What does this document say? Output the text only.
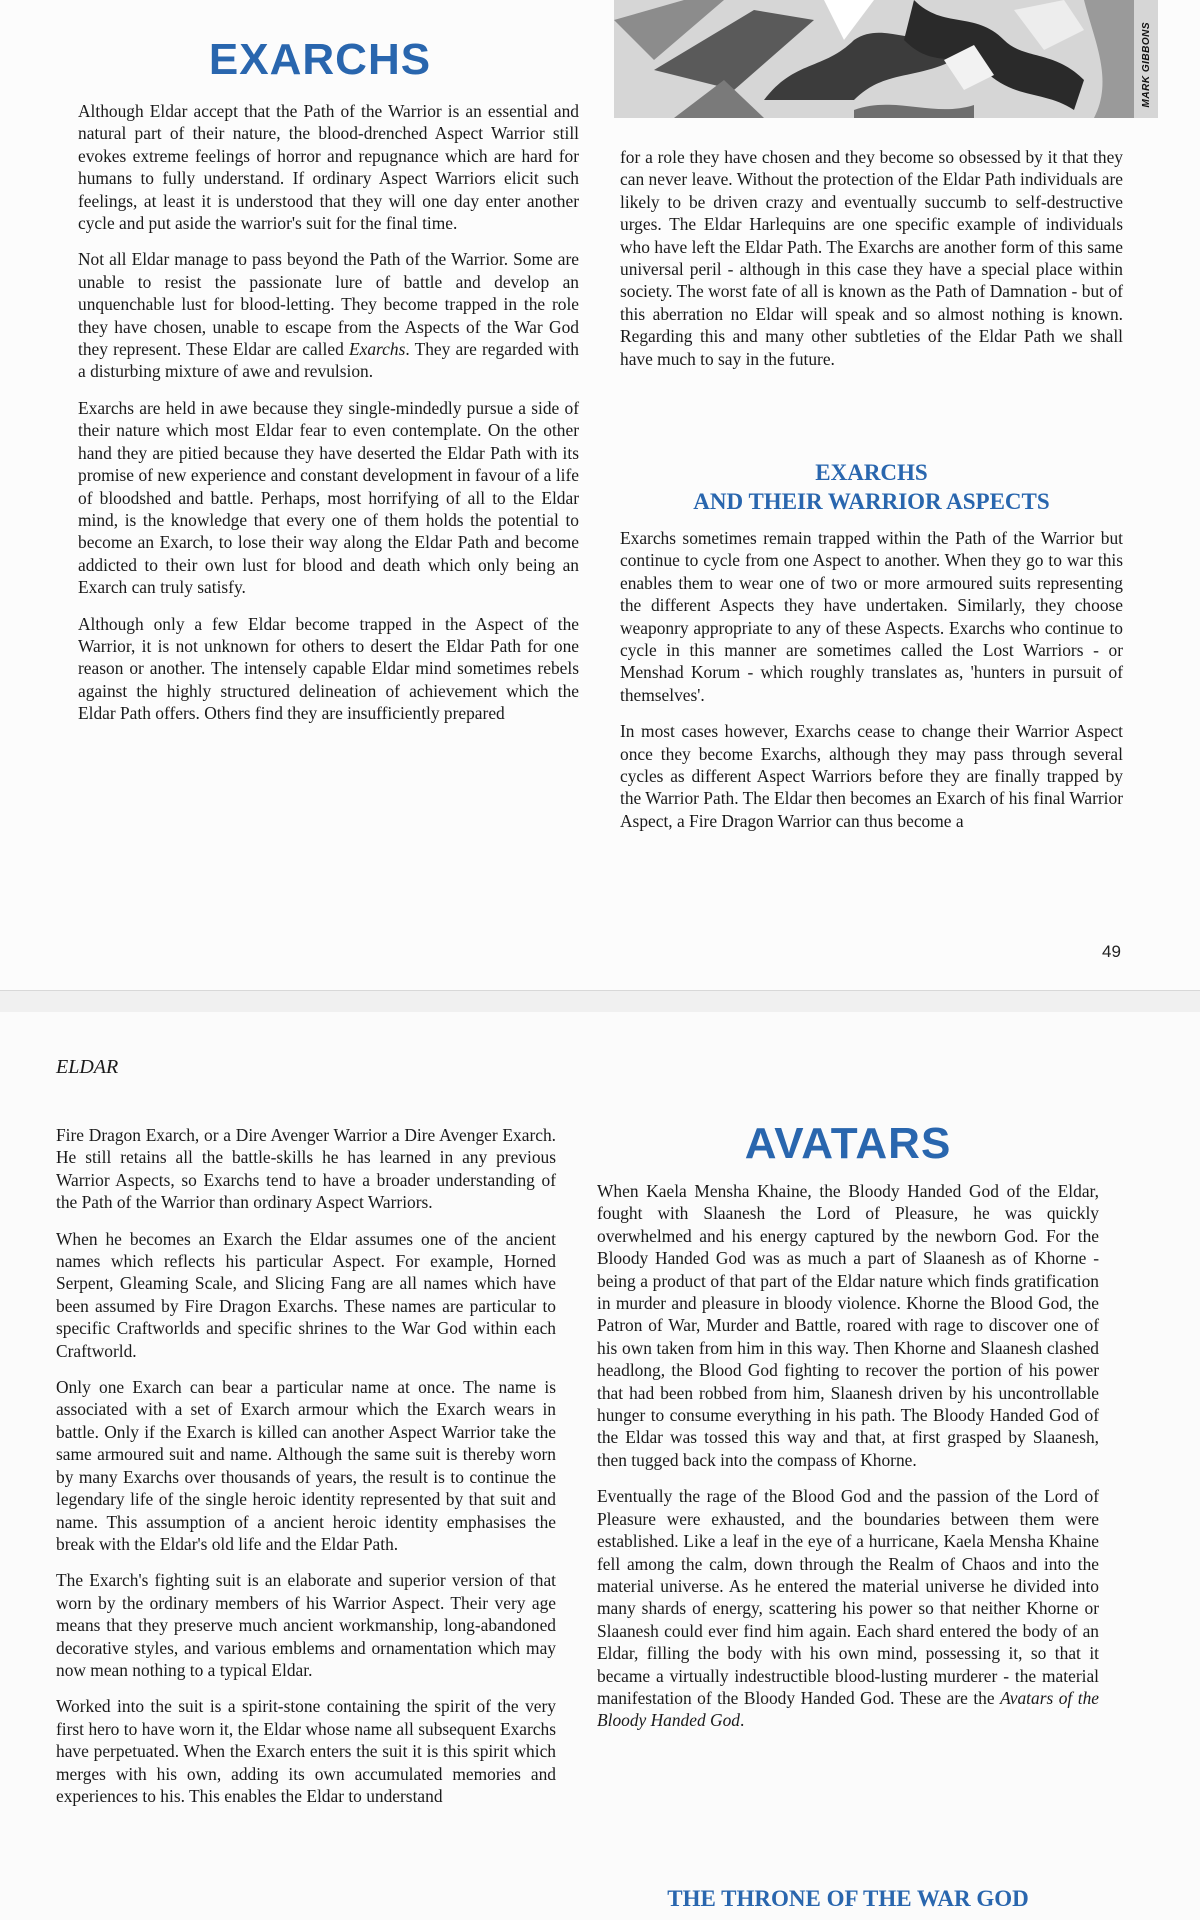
EXARCHS	MARK GIBBONS

Although Eldar accept that the Path of the Warrior is an essential and natural part of their nature, the blood-drenched Aspect Warrior still evokes extreme feelings of horror and repugnance which are hard for humans to fully understand. If ordinary Aspect Warriors elicit such feelings, at least it is understood that they will one day enter another cycle and put aside the warrior's suit for the final time.

Not all Eldar manage to pass beyond the Path of the Warrior. Some are unable to resist the passionate lure of battle and develop an unquenchable lust for blood-letting. They become trapped in the role they have chosen, unable to escape from the Aspects of the War God they represent. These Eldar are called Exarchs. They are regarded with a disturbing mixture of awe and revulsion.

Exarchs are held in awe because they single-mindedly pursue a side of their nature which most Eldar fear to even contemplate. On the other hand they are pitied because they have deserted the Eldar Path with its promise of new experience and constant development in favour of a life of bloodshed and battle. Perhaps, most horrifying of all to the Eldar mind, is the knowledge that every one of them holds the potential to become an Exarch, to lose their way along the Eldar Path and become addicted to their own lust for blood and death which only being an Exarch can truly satisfy.

Although only a few Eldar become trapped in the Aspect of the Warrior, it is not unknown for others to desert the Eldar Path for one reason or another. The intensely capable Eldar mind sometimes rebels against the highly structured delineation of achievement which the Eldar Path offers. Others find they are insufficiently prepared

for a role they have chosen and they become so obsessed by it that they can never leave. Without the protection of the Eldar Path individuals are likely to be driven crazy and eventually succumb to self-destructive urges. The Eldar Harlequins are one specific example of individuals who have left the Eldar Path. The Exarchs are another form of this same universal peril - although in this case they have a special place within society. The worst fate of all is known as the Path of Damnation - but of this aberration no Eldar will speak and so almost nothing is known. Regarding this and many other subtleties of the Eldar Path we shall have much to say in the future.

EXARCHS
AND THEIR WARRIOR ASPECTS

Exarchs sometimes remain trapped within the Path of the Warrior but continue to cycle from one Aspect to another. When they go to war this enables them to wear one of two or more armoured suits representing the different Aspects they have undertaken. Similarly, they choose weaponry appropriate to any of these Aspects. Exarchs who continue to cycle in this manner are sometimes called the Lost Warriors - or Menshad Korum - which roughly translates as, 'hunters in pursuit of themselves'.

In most cases however, Exarchs cease to change their Warrior Aspect once they become Exarchs, although they may pass through several cycles as different Aspect Warriors before they are finally trapped by the Warrior Path. The Eldar then becomes an Exarch of his final Warrior Aspect, a Fire Dragon Warrior can thus become a

49
ELDAR

Fire Dragon Exarch, or a Dire Avenger Warrior a Dire Avenger Exarch. He still retains all the battle-skills he has learned in any previous Warrior Aspects, so Exarchs tend to have a broader understanding of the Path of the Warrior than ordinary Aspect Warriors.

When he becomes an Exarch the Eldar assumes one of the ancient names which reflects his particular Aspect. For example, Horned Serpent, Gleaming Scale, and Slicing Fang are all names which have been assumed by Fire Dragon Exarchs. These names are particular to specific Craftworlds and specific shrines to the War God within each Craftworld.

Only one Exarch can bear a particular name at once. The name is associated with a set of Exarch armour which the Exarch wears in battle. Only if the Exarch is killed can another Aspect Warrior take the same armoured suit and name. Although the same suit is thereby worn by many Exarchs over thousands of years, the result is to continue the legendary life of the single heroic identity represented by that suit and name. This assumption of a ancient heroic identity emphasises the break with the Eldar's old life and the Eldar Path.

The Exarch's fighting suit is an elaborate and superior version of that worn by the ordinary members of his Warrior Aspect. Their very age means that they preserve much ancient workmanship, long-abandoned decorative styles, and various emblems and ornamentation which may now mean nothing to a typical Eldar.

Worked into the suit is a spirit-stone containing the spirit of the very first hero to have worn it, the Eldar whose name all subsequent Exarchs have perpetuated. When the Exarch enters the suit it is this spirit which merges with his own, adding its own accumulated memories and experiences to his. This enables the Eldar to understand

AVATARS

When Kaela Mensha Khaine, the Bloody Handed God of the Eldar, fought with Slaanesh the Lord of Pleasure, he was quickly overwhelmed and his energy captured by the newborn God. For the Bloody Handed God was as much a part of Slaanesh as of Khorne - being a product of that part of the Eldar nature which finds gratification in murder and pleasure in bloody violence. Khorne the Blood God, the Patron of War, Murder and Battle, roared with rage to discover one of his own taken from him in this way. Then Khorne and Slaanesh clashed headlong, the Blood God fighting to recover the portion of his power that had been robbed from him, Slaanesh driven by his uncontrollable hunger to consume everything in his path. The Bloody Handed God of the Eldar was tossed this way and that, at first grasped by Slaanesh, then tugged back into the compass of Khorne.

Eventually the rage of the Blood God and the passion of the Lord of Pleasure were exhausted, and the boundaries between them were established. Like a leaf in the eye of a hurricane, Kaela Mensha Khaine fell among the calm, down through the Realm of Chaos and into the material universe. As he entered the material universe he divided into many shards of energy, scattering his power so that neither Khorne or Slaanesh could ever find him again. Each shard entered the body of an Eldar, filling the body with his own mind, possessing it, so that it became a virtually indestructible blood-lusting murderer - the material manifestation of the Bloody Handed God. These are the Avatars of the Bloody Handed God.

THE THRONE OF THE WAR GOD
